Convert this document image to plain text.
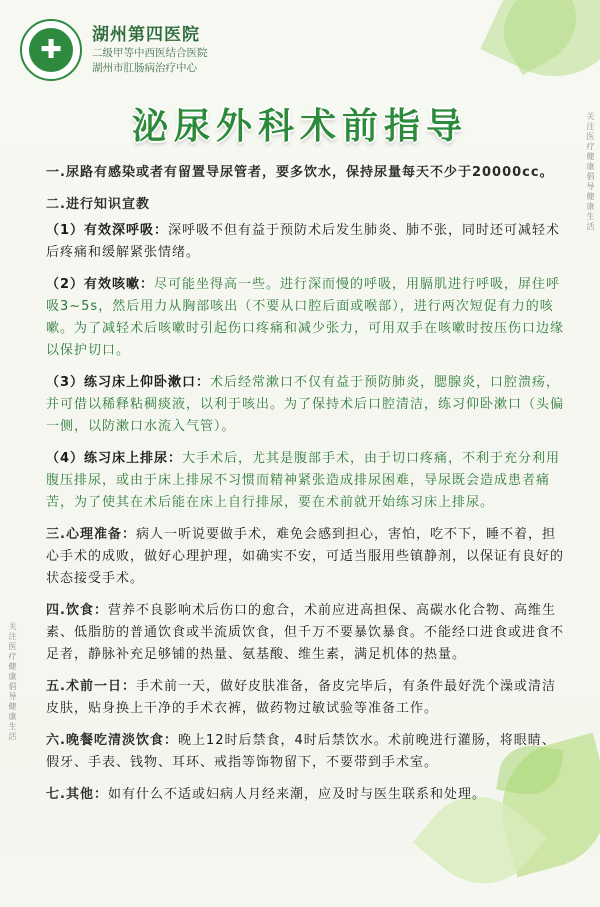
关注医疗健康倡导健康生活
关注医疗健康倡导健康生活
✚ 湖州第四医院
二级甲等中西医结合医院
湖州市肛肠病治疗中心
泌尿外科术前指导

一.尿路有感染或者有留置导尿管者，要多饮水，保持尿量每天不少于20000cc。

二.进行知识宣教

（1）有效深呼吸：深呼吸不但有益于预防术后发生肺炎、肺不张，同时还可减轻术后疼痛和缓解紧张情绪。

（2）有效咳嗽：尽可能坐得高一些。进行深而慢的呼吸，用膈肌进行呼吸，屏住呼吸3~5s，然后用力从胸部咳出（不要从口腔后面或喉部），进行两次短促有力的咳嗽。为了减轻术后咳嗽时引起伤口疼痛和减少张力，可用双手在咳嗽时按压伤口边缘以保护切口。

（3）练习床上仰卧漱口：术后经常漱口不仅有益于预防肺炎，腮腺炎，口腔溃疡，并可借以稀释粘稠痰液，以利于咳出。为了保持术后口腔清洁，练习仰卧漱口（头偏一侧，以防漱口水流入气管）。

（4）练习床上排尿：大手术后，尤其是腹部手术，由于切口疼痛，不利于充分利用腹压排尿，或由于床上排尿不习惯而精神紧张造成排尿困难，导尿既会造成患者痛苦，为了使其在术后能在床上自行排尿，要在术前就开始练习床上排尿。

三.心理准备：病人一听说要做手术，难免会感到担心，害怕，吃不下，睡不着，担心手术的成败，做好心理护理，如确实不安，可适当服用些镇静剂，以保证有良好的状态接受手术。

四.饮食：营养不良影响术后伤口的愈合，术前应进高担保、高碳水化合物、高维生素、低脂肪的普通饮食或半流质饮食，但千万不要暴饮暴食。不能经口进食或进食不足者，静脉补充足够铺的热量、氨基酸、维生素，满足机体的热量。

五.术前一日：手术前一天，做好皮肤准备，备皮完毕后，有条件最好洗个澡或清洁皮肤，贴身换上干净的手术衣裤，做药物过敏试验等准备工作。

六.晚餐吃清淡饮食：晚上12时后禁食，4时后禁饮水。术前晚进行灌肠，将眼睛、假牙、手表、钱物、耳环、戒指等饰物留下，不要带到手术室。

七.其他：如有什么不适或妇病人月经来潮，应及时与医生联系和处理。
